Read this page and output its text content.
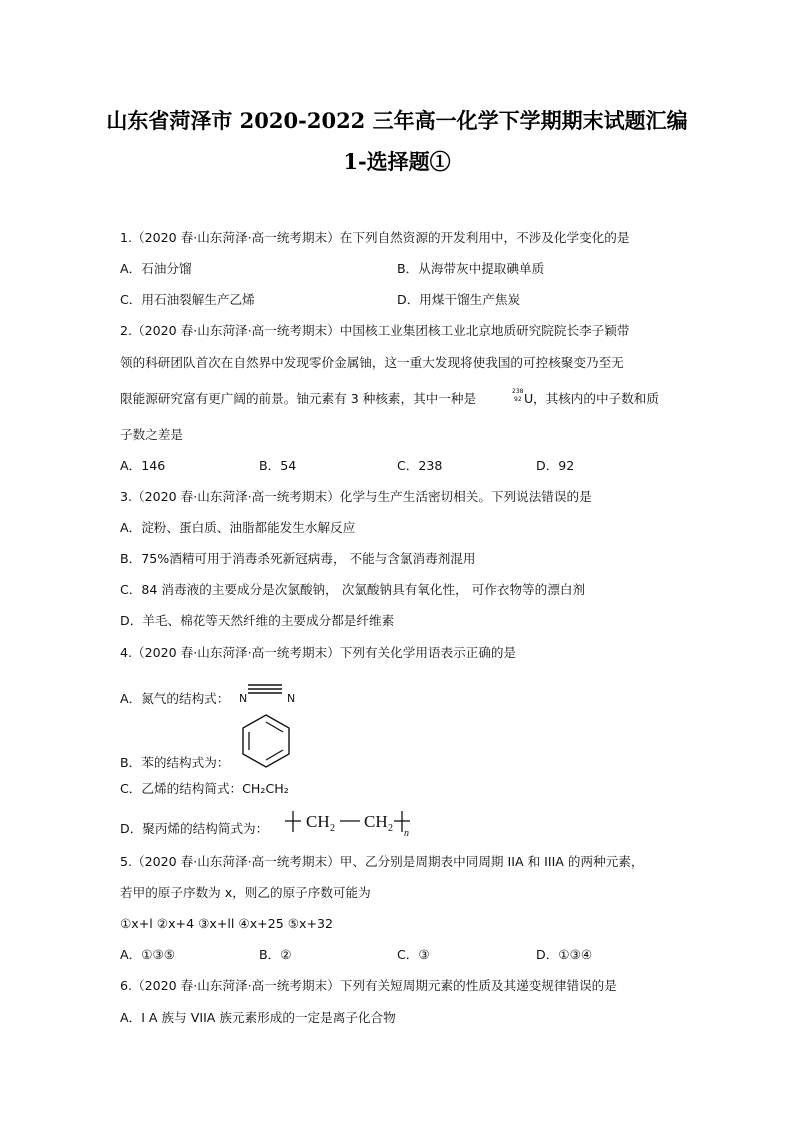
山东省菏泽市 2020-2022 三年高一化学下学期期末试题汇编
1-选择题①
1.（2020 春·山东菏泽·高一统考期末）在下列自然资源的开发利用中，不涉及化学变化的是
A．石油分馏	B．从海带灰中提取碘单质
C．用石油裂解生产乙烯	D．用煤干馏生产焦炭
2.（2020 春·山东菏泽·高一统考期末）中国核工业集团核工业北京地质研究院院长李子颖带
领的科研团队首次在自然界中发现零价金属铀，这一重大发现将使我国的可控核聚变乃至无
限能源研究富有更广阔的前景。铀元素有 3 种核素，其中一种是	238
92 U ，其核内的中子数和质
子数之差是
A．146	B．54	C．238	D．92
3.（2020 春·山东菏泽·高一统考期末）化学与生产生活密切相关。下列说法错误的是
A．淀粉、蛋白质、油脂都能发生水解反应
B．75%酒精可用于消毒杀死新冠病毒， 不能与含氯消毒剂混用
C．84 消毒液的主要成分是次氯酸钠， 次氯酸钠具有氧化性， 可作衣物等的漂白剂
D．羊毛、棉花等天然纤维的主要成分都是纤维素
4.（2020 春·山东菏泽·高一统考期末）下列有关化学用语表示正确的是
A．氮气的结构式： N	N
B．苯的结构式为：
C．乙烯的结构简式：CH₂CH₂
D．聚丙烯的结构简式为： CH 2 CH 2 n
5.（2020 春·山东菏泽·高一统考期末）甲、乙分别是周期表中同周期 IIA 和 IIIA 的两种元素，
若甲的原子序数为 x，则乙的原子序数可能为
①x+l ②x+4 ③x+ll ④x+25 ⑤x+32
A．①③⑤	B．②	C．③	D．①③④
6.（2020 春·山东菏泽·高一统考期末）下列有关短周期元素的性质及其递变规律错误的是
A．I A 族与 VIIA 族元素形成的一定是离子化合物
